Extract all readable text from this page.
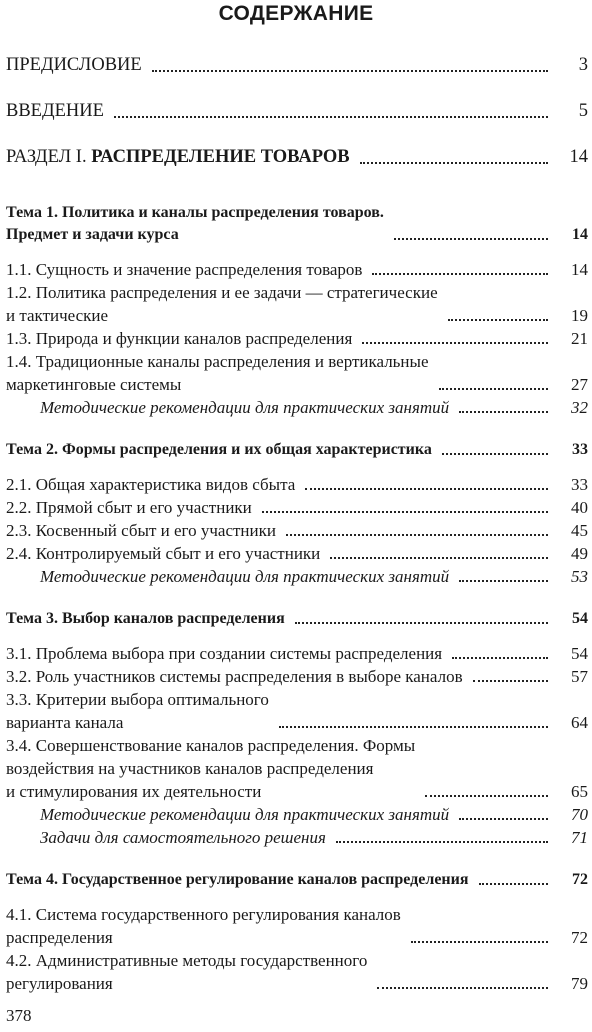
СОДЕРЖАНИЕ
ПРЕДИСЛОВИЕ	3
ВВЕДЕНИЕ	5
РАЗДЕЛ I. РАСПРЕДЕЛЕНИЕ ТОВАРОВ	14
Тема 1. Политика и каналы распределения товаров.
Предмет и задачи курса	14
1.1. Сущность и значение распределения товаров	14
1.2. Политика распределения и ее задачи — стратегические
и тактические	19
1.3. Природа и функции каналов распределения	21
1.4. Традиционные каналы распределения и вертикальные
маркетинговые системы	27
Методические рекомендации для практических занятий	32
Тема 2. Формы распределения и их общая характеристика	33
2.1. Общая характеристика видов сбыта	33
2.2. Прямой сбыт и его участники	40
2.3. Косвенный сбыт и его участники	45
2.4. Контролируемый сбыт и его участники	49
Методические рекомендации для практических занятий	53
Тема 3. Выбор каналов распределения	54
3.1. Проблема выбора при создании системы распределения	54
3.2. Роль участников системы распределения в выборе каналов	57
3.3. Критерии выбора оптимального
варианта канала	64
3.4. Совершенствование каналов распределения. Формы
воздействия на участников каналов распределения
и стимулирования их деятельности	65
Методические рекомендации для практических занятий	70
Задачи для самостоятельного решения	71
Тема 4. Государственное регулирование каналов распределения	72
4.1. Система государственного регулирования каналов
распределения	72
4.2. Административные методы государственного
регулирования	79
378
